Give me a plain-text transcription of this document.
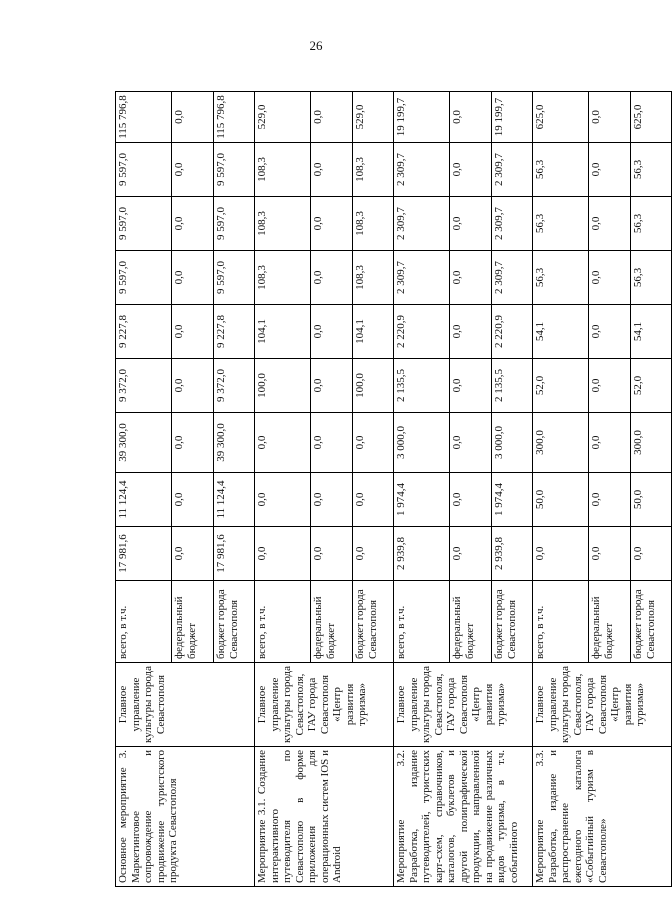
26
Основное мероприятие 3. Маркетинговое сопровождение и продвижение туристского продукта Севастополя	Главное управление культуры города Севастополя	всего, в т.ч.	17 981,6	11 124,4	39 300,0	9 372,0	9 227,8	9 597,0	9 597,0	9 597,0	115 796,8
		федеральный бюджет	0,0	0,0	0,0	0,0	0,0	0,0	0,0	0,0	0,0
		бюджет города Севастополя	17 981,6	11 124,4	39 300,0	9 372,0	9 227,8	9 597,0	9 597,0	9 597,0	115 796,8
Мероприятие 3.1. Создание интерактивного путеводителя по Севастополю в форме приложения для операционных систем IOS и Android	Главное управление культуры города Севастополя, ГАУ города Севастополя «Центр развития туризма»	всего, в т.ч.	0,0	0,0	0,0	100,0	104,1	108,3	108,3	108,3	529,0
		федеральный бюджет	0,0	0,0	0,0	0,0	0,0	0,0	0,0	0,0	0,0
		бюджет города Севастополя	0,0	0,0	0,0	100,0	104,1	108,3	108,3	108,3	529,0
Мероприятие 3.2. Разработка, издание путеводителей, туристских карт-схем, справочников, каталогов, буклетов и другой полиграфической продукции, направленной на продвижение различных видов туризма, в т.ч. событийного	Главное управление культуры города Севастополя, ГАУ города Севастополя «Центр развития туризма»	всего, в т.ч.	2 939,8	1 974,4	3 000,0	2 135,5	2 220,9	2 309,7	2 309,7	2 309,7	19 199,7
		федеральный бюджет	0,0	0,0	0,0	0,0	0,0	0,0	0,0	0,0	0,0
		бюджет города Севастополя	2 939,8	1 974,4	3 000,0	2 135,5	2 220,9	2 309,7	2 309,7	2 309,7	19 199,7
Мероприятие 3.3. Разработка, издание и распространение ежегодного каталога «Событийный туризм в Севастополе»	Главное управление культуры города Севастополя, ГАУ города Севастополя «Центр развития туризма»	всего, в т.ч.	0,0	50,0	300,0	52,0	54,1	56,3	56,3	56,3	625,0
		федеральный бюджет	0,0	0,0	0,0	0,0	0,0	0,0	0,0	0,0	0,0
		бюджет города Севастополя	0,0	50,0	300,0	52,0	54,1	56,3	56,3	56,3	625,0
